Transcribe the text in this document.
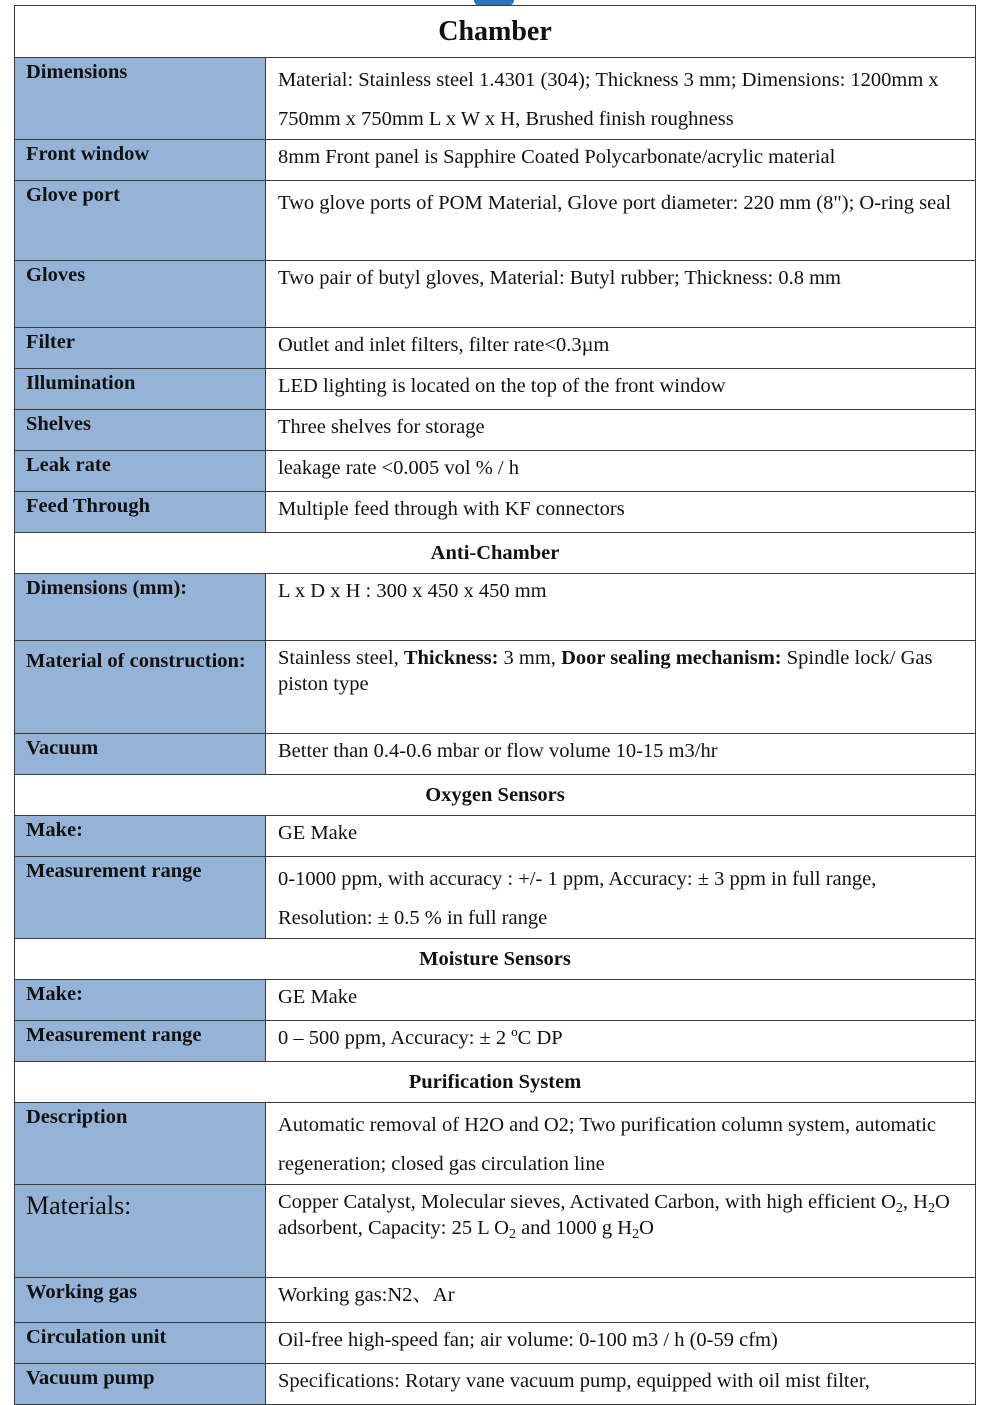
Chamber	
Dimensions	Material: Stainless steel 1.4301 (304); Thickness 3 mm; Dimensions: 1200mm x 750mm x 750mm L x W x H, Brushed finish roughness
Front window	8mm Front panel is Sapphire Coated Polycarbonate/acrylic material
Glove port	Two glove ports of POM Material, Glove port diameter: 220 mm (8"); O-ring seal
Gloves	Two pair of butyl gloves, Material: Butyl rubber; Thickness: 0.8 mm
Filter	Outlet and inlet filters, filter rate<0.3µm
Illumination	LED lighting is located on the top of the front window
Shelves	Three shelves for storage
Leak rate	leakage rate <0.005 vol % / h
Feed Through	Multiple feed through with KF connectors
Anti-Chamber	
Dimensions (mm):	L x D x H : 300 x 450 x 450 mm
Material of construction:	Stainless steel, Thickness: 3 mm, Door sealing mechanism: Spindle lock/ Gas piston type
Vacuum	Better than 0.4-0.6 mbar or flow volume 10-15 m3/hr
Oxygen Sensors	
Make:	GE Make
Measurement range	0-1000 ppm, with accuracy : +/- 1 ppm, Accuracy: ± 3 ppm in full range, Resolution: ± 0.5 % in full range
Moisture Sensors	
Make:	GE Make
Measurement range	0 – 500 ppm, Accuracy: ± 2 ºC DP
Purification System	
Description	Automatic removal of H2O and O2; Two purification column system, automatic regeneration; closed gas circulation line
Materials:	Copper Catalyst, Molecular sieves, Activated Carbon, with high efficient $O_2$, $H_2O$ adsorbent, Capacity: 25 L $O_2$ and 1000 g $H_2O$
Working gas	Working gas:N2、Ar
Circulation unit	Oil-free high-speed fan; air volume: 0-100 m3 / h (0-59 cfm)
Vacuum pump	Specifications: Rotary vane vacuum pump, equipped with oil mist filter,
